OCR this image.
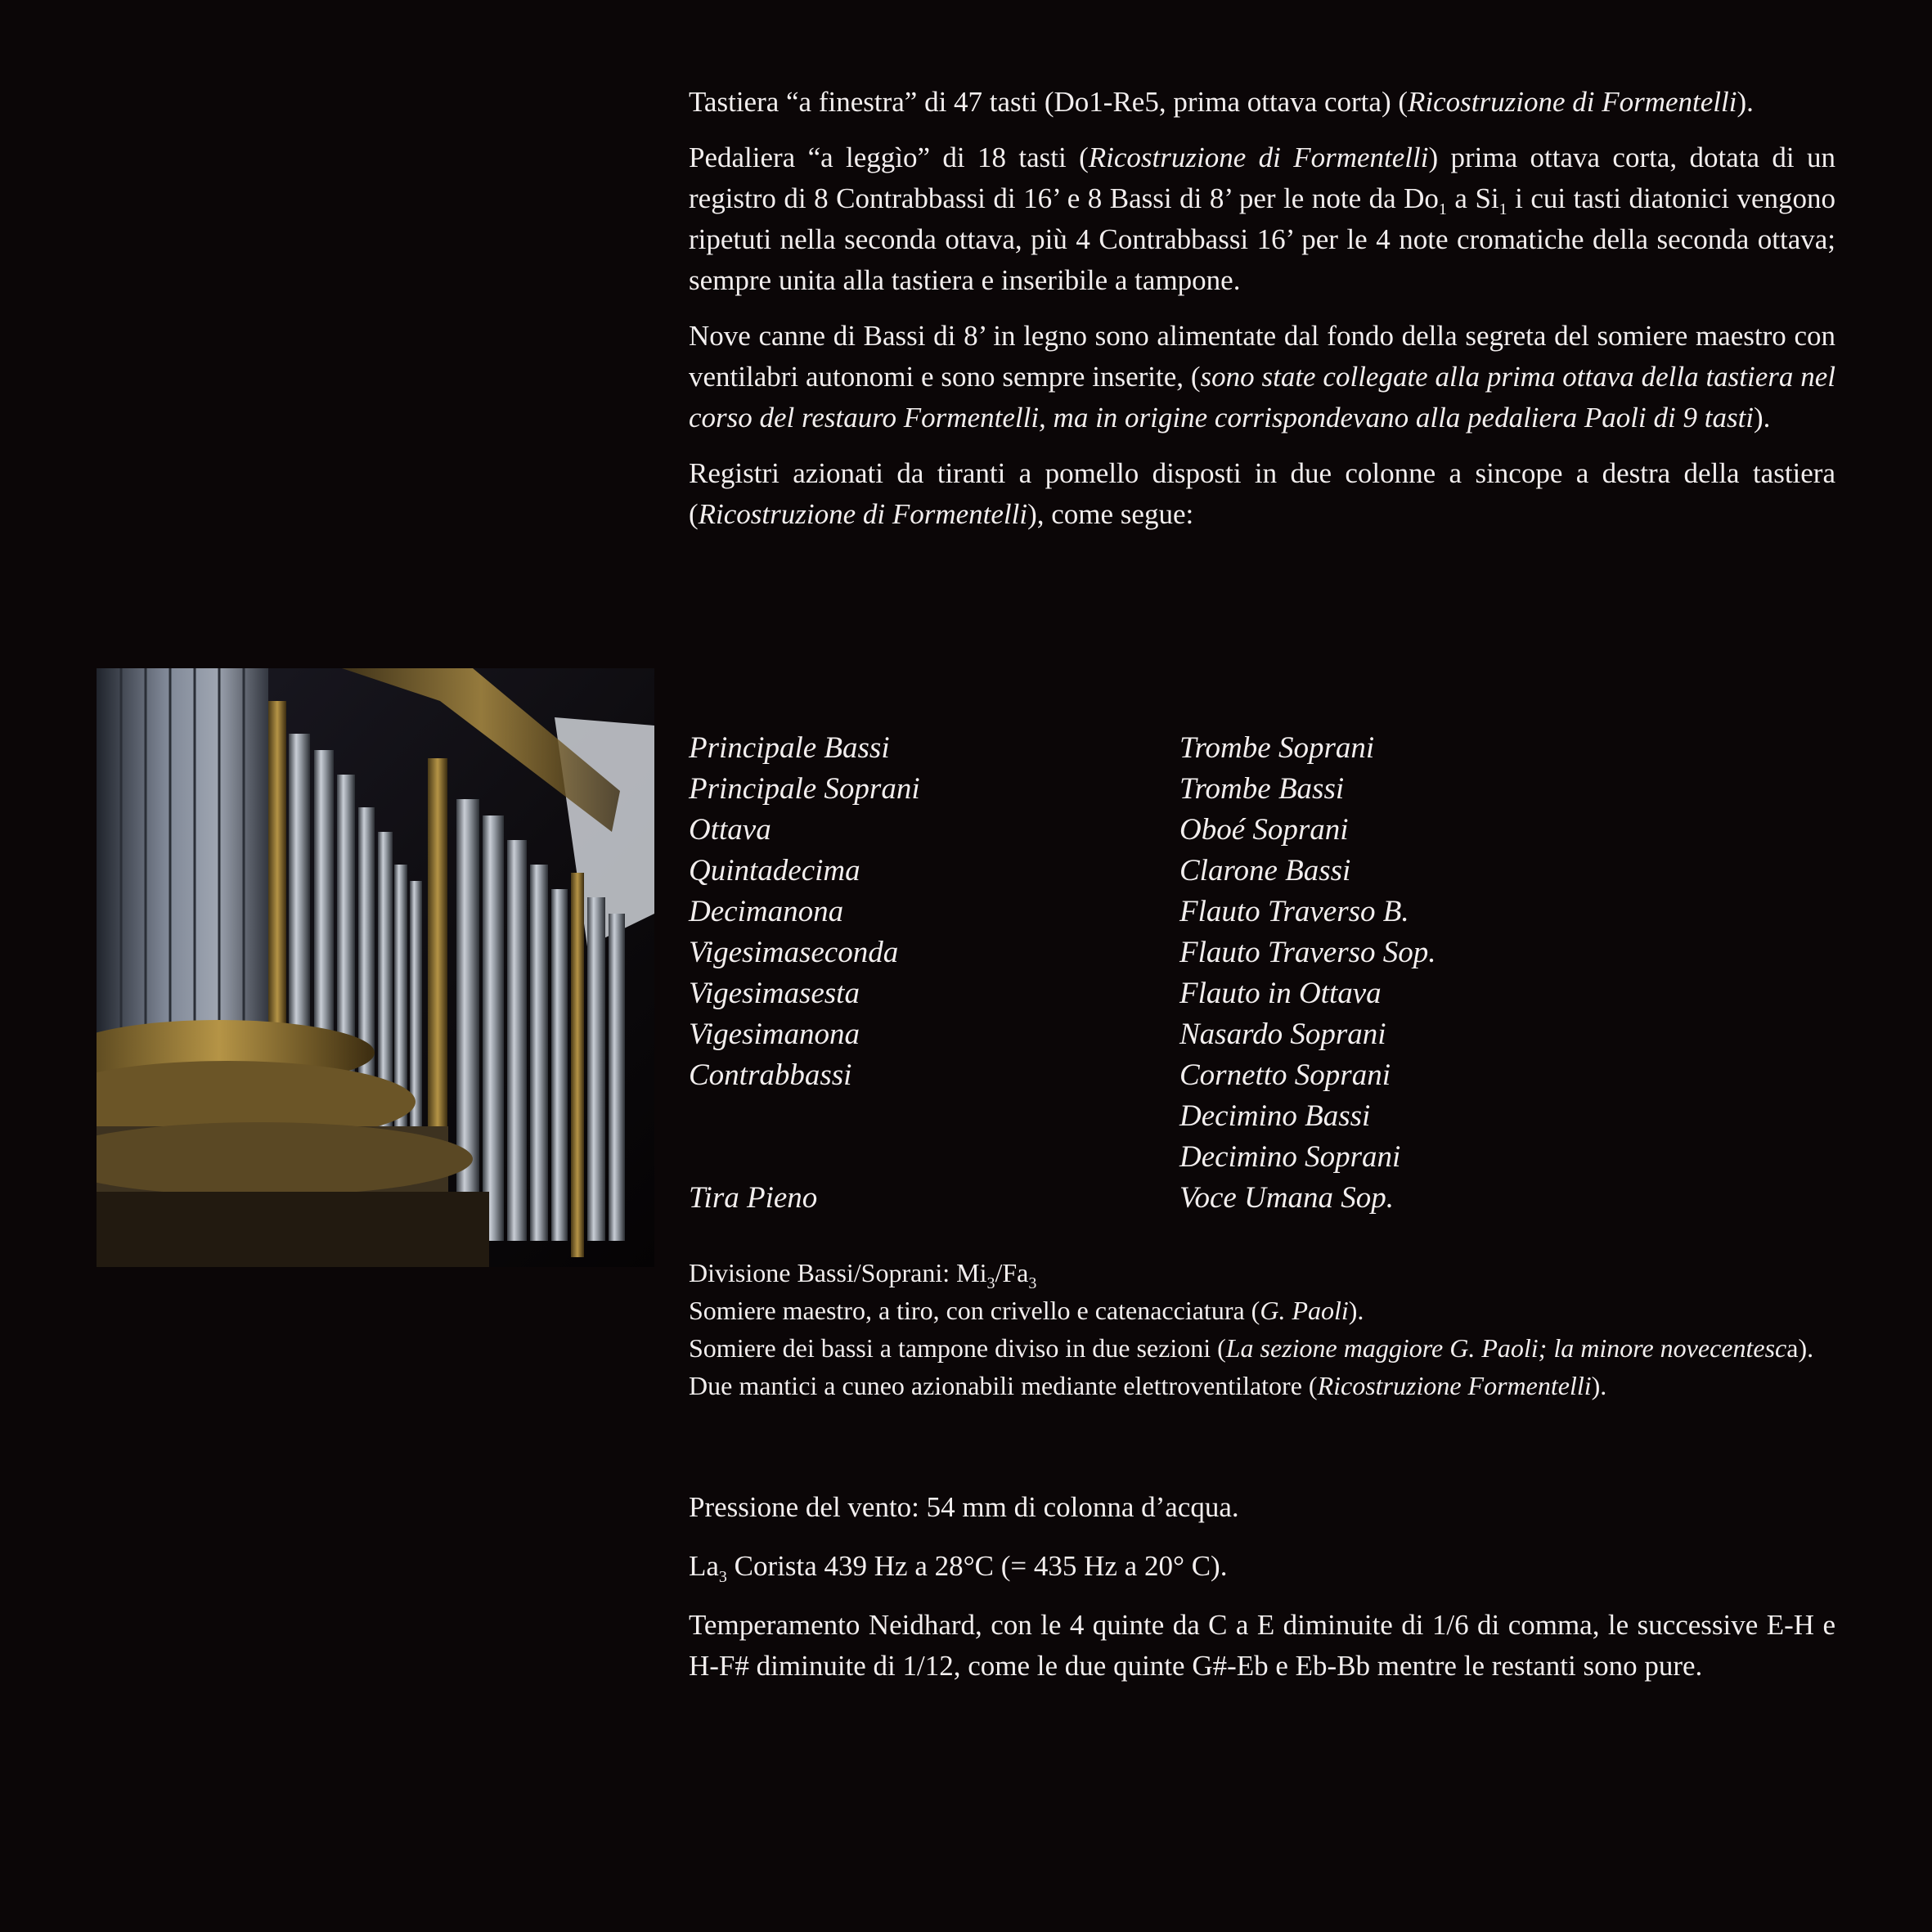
Tastiera “a finestra” di 47 tasti (Do1-Re5, prima ottava corta) (Ricostruzione di Formentelli).

Pedaliera “a leggìo” di 18 tasti (Ricostruzione di Formentelli) prima ottava corta, dotata di un registro di 8 Contrabbassi di 16’ e 8 Bassi di 8’ per le note da $Do_1$ a $Si_1$ i cui tasti diatonici vengono ripetuti nella seconda ottava, più 4 Contrabbassi 16’ per le 4 note cromatiche della seconda ottava; sempre unita alla tastiera e inseribile a tampone.

Nove canne di Bassi di 8’ in legno sono alimentate dal fondo della segreta del somiere maestro con ventilabri autonomi e sono sempre inserite, (sono state collegate alla prima ottava della tastiera nel corso del restauro Formentelli, ma in origine corrispondevano alla pedaliera Paoli di 9 tasti).

Registri azionati da tiranti a pomello disposti in due colonne a sincope a destra della tastiera (Ricostruzione di Formentelli), come segue:

Principale Bassi
Principale Soprani
Ottava
Quintadecima
Decimanona
Vigesimaseconda
Vigesimasesta
Vigesimanona
Contrabbassi
Tira Pieno
Trombe Soprani
Trombe Bassi
Oboé Soprani
Clarone Bassi
Flauto Traverso B.
Flauto Traverso Sop.
Flauto in Ottava
Nasardo Soprani
Cornetto Soprani
Decimino Bassi
Decimino Soprani
Voce Umana Sop.

Divisione Bassi/Soprani: $Mi_3/Fa_3$

Somiere maestro, a tiro, con crivello e catenacciatura (G. Paoli).

Somiere dei bassi a tampone diviso in due sezioni (La sezione maggiore G. Paoli; la minore novecentesca).

Due mantici a cuneo azionabili mediante elettroventilatore (Ricostruzione Formentelli).

Pressione del vento: 54 mm di colonna d’acqua.

$La_3$ Corista 439 Hz a 28°C (= 435 Hz a 20° C).

Temperamento Neidhard, con le 4 quinte da C a E diminuite di 1/6 di comma, le successive E-H e H-F# diminuite di 1/12, come le due quinte G#-Eb e Eb-Bb mentre le restanti sono pure.
